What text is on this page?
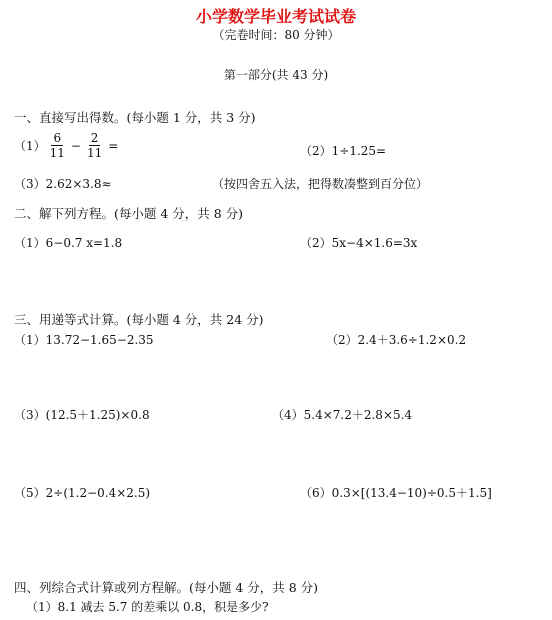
小学数学毕业考试试卷
（完卷时间：80 分钟）
第一部分(共 43 分)
一、直接写出得数。(每小题 1 分，共 3 分)
$(1) \frac{6}{11} - \frac{2}{11}$ =	（2）1÷1.25=
（3）2.62×3.8≈	（按四舍五入法，把得数凑整到百分位）
二、解下列方程。(每小题 4 分，共 8 分)
（1）6−0.7 x=1.8	（2）5x−4×1.6=3x
三、用递等式计算。(每小题 4 分，共 24 分)
（1）13.72−1.65−2.35	（2）2.4＋3.6÷1.2×0.2
（3）(12.5＋1.25)×0.8	（4）5.4×7.2＋2.8×5.4
（5）2÷(1.2−0.4×2.5)	（6）0.3×[(13.4−10)÷0.5＋1.5]
四、列综合式计算或列方程解。(每小题 4 分，共 8 分)
（1）8.1 减去 5.7 的差乘以 0.8，积是多少?
